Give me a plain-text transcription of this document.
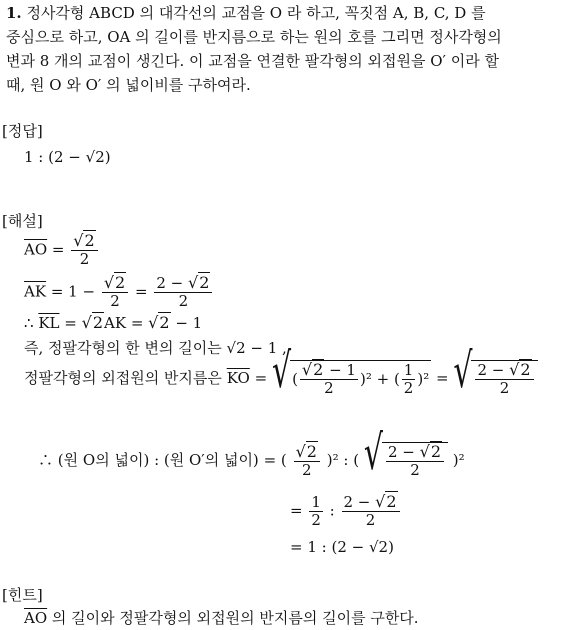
1. 정사각형 ABCD 의 대각선의 교점을 O 라 하고, 꼭짓점 A, B, C, D 를
중심으로 하고, OA 의 길이를 반지름으로 하는 원의 호를 그리면 정사각형의
변과 8 개의 교점이 생긴다. 이 교점을 연결한 팔각형의 외접원을 O′ 이라 할
때, 원 O 와 O′ 의 넓이비를 구하여라.
[정답]
1 : (2 − √2)
[해설]
$\overline{AO} = \frac{√2}{2}$
$\overline{AK} = 1 - \frac{√2}{2} = \frac{2 - √2}{2}$
∴ $\overline{KL} = √2AK = √2 - 1$
즉, 정팔각형의 한 변의 길이는 √2 − 1 ,
정팔각형의 외접원의 반지름은 $\overline{KO}$ = √ ( $\frac{√2 - 1}{2} )^2$ + ( $\frac{1}{2} )^2$ = √ $\frac{2 - √2}{2}$
∴ (원 O의 넓이) : (원 O′의 넓이) = ( $\frac{√2}{2} )^2$ : ( √ $\frac{2 - √2}{2} )^2$
= $\frac{1}{2}$ : $\frac{2 - √2}{2}$
= 1 : (2 − √2)
[힌트]
$\overline{AO}$ 의 길이와 정팔각형의 외접원의 반지름의 길이를 구한다.
